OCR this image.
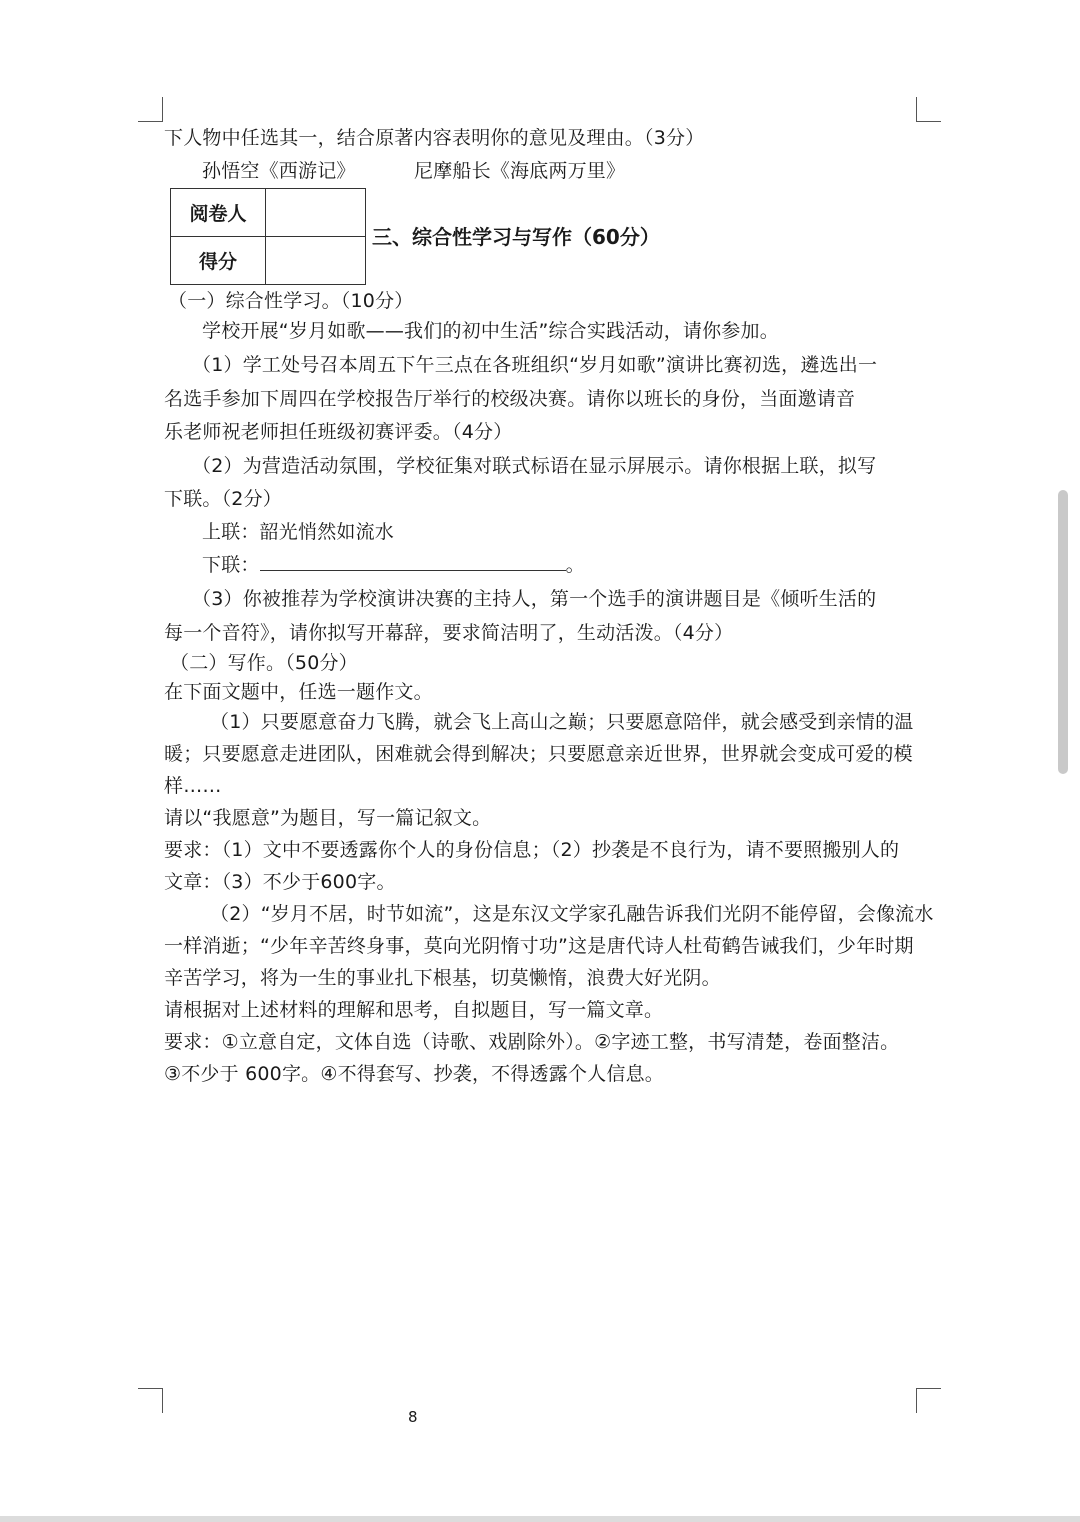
下人物中任选其一，结合原著内容表明你的意见及理由。（3分）
孙悟空《西游记》	尼摩船长《海底两万里》
阅卷人	
得分	
三、综合性学习与写作（60分）
（一）综合性学习。（10分）
学校开展“岁月如歌——我们的初中生活”综合实践活动，请你参加。
（1）学工处号召本周五下午三点在各班组织“岁月如歌”演讲比赛初选，遴选出一
名选手参加下周四在学校报告厅举行的校级决赛。请你以班长的身份，当面邀请音
乐老师祝老师担任班级初赛评委。（4分）
（2）为营造活动氛围，学校征集对联式标语在显示屏展示。请你根据上联，拟写
下联。（2分）
上联：韶光悄然如流水
下联：	。
（3）你被推荐为学校演讲决赛的主持人，第一个选手的演讲题目是《倾听生活的
每一个音符》，请你拟写开幕辞，要求简洁明了，生动活泼。（4分）
（二）写作。（50分）
在下面文题中，任选一题作文。
（1）只要愿意奋力飞腾，就会飞上高山之巅；只要愿意陪伴，就会感受到亲情的温
暖；只要愿意走进团队，困难就会得到解决；只要愿意亲近世界，世界就会变成可爱的模
样……
请以“我愿意”为题目，写一篇记叙文。
要求：（1）文中不要透露你个人的身份信息；（2）抄袭是不良行为，请不要照搬别人的
文章：（3）不少于600字。
（2）“岁月不居，时节如流”，这是东汉文学家孔融告诉我们光阴不能停留，会像流水
一样消逝；“少年辛苦终身事，莫向光阴惰寸功”这是唐代诗人杜荀鹤告诫我们，少年时期
辛苦学习，将为一生的事业扎下根基，切莫懒惰，浪费大好光阴。
请根据对上述材料的理解和思考，自拟题目，写一篇文章。
要求：①立意自定，文体自选（诗歌、戏剧除外）。②字迹工整，书写清楚，卷面整洁。
③不少于 600字。④不得套写、抄袭，不得透露个人信息。
8
